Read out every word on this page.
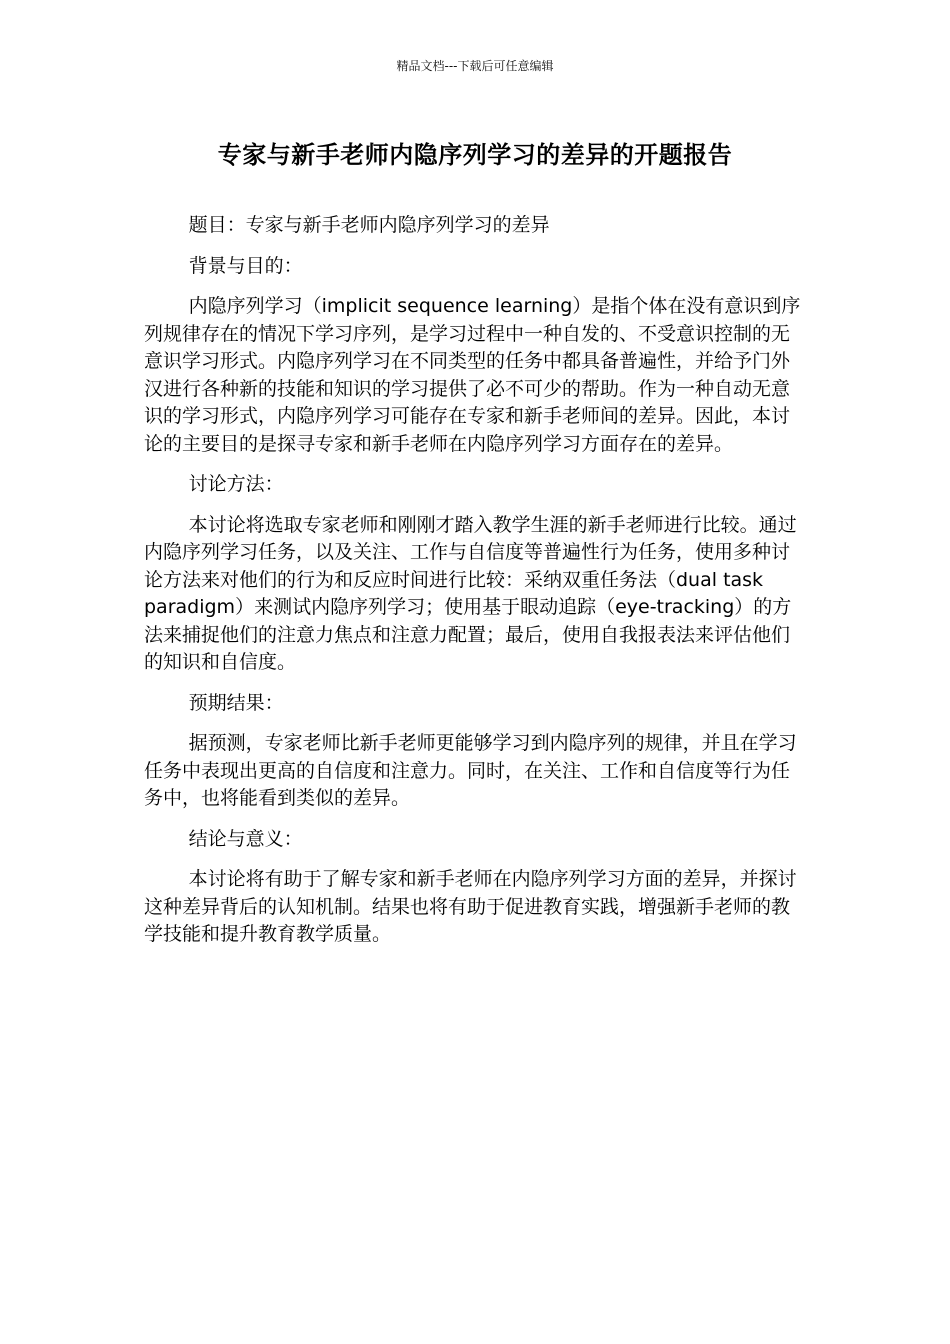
精品文档---下载后可任意编辑
专家与新手老师内隐序列学习的差异的开题报告

题目：专家与新手老师内隐序列学习的差异

背景与目的：

内隐序列学习（implicit sequence learning）是指个体在没有意识到序列规律存在的情况下学习序列，是学习过程中一种自发的、不受意识控制的无意识学习形式。内隐序列学习在不同类型的任务中都具备普遍性，并给予门外汉进行各种新的技能和知识的学习提供了必不可少的帮助。作为一种自动无意识的学习形式，内隐序列学习可能存在专家和新手老师间的差异。因此，本讨论的主要目的是探寻专家和新手老师在内隐序列学习方面存在的差异。

讨论方法：

本讨论将选取专家老师和刚刚才踏入教学生涯的新手老师进行比较。通过内隐序列学习任务，以及关注、工作与自信度等普遍性行为任务，使用多种讨论方法来对他们的行为和反应时间进行比较：采纳双重任务法（dual task paradigm）来测试内隐序列学习；使用基于眼动追踪（eye-tracking）的方法来捕捉他们的注意力焦点和注意力配置；最后，使用自我报表法来评估他们的知识和自信度。

预期结果：

据预测，专家老师比新手老师更能够学习到内隐序列的规律，并且在学习任务中表现出更高的自信度和注意力。同时，在关注、工作和自信度等行为任务中，也将能看到类似的差异。

结论与意义：

本讨论将有助于了解专家和新手老师在内隐序列学习方面的差异，并探讨这种差异背后的认知机制。结果也将有助于促进教育实践，增强新手老师的教学技能和提升教育教学质量。
